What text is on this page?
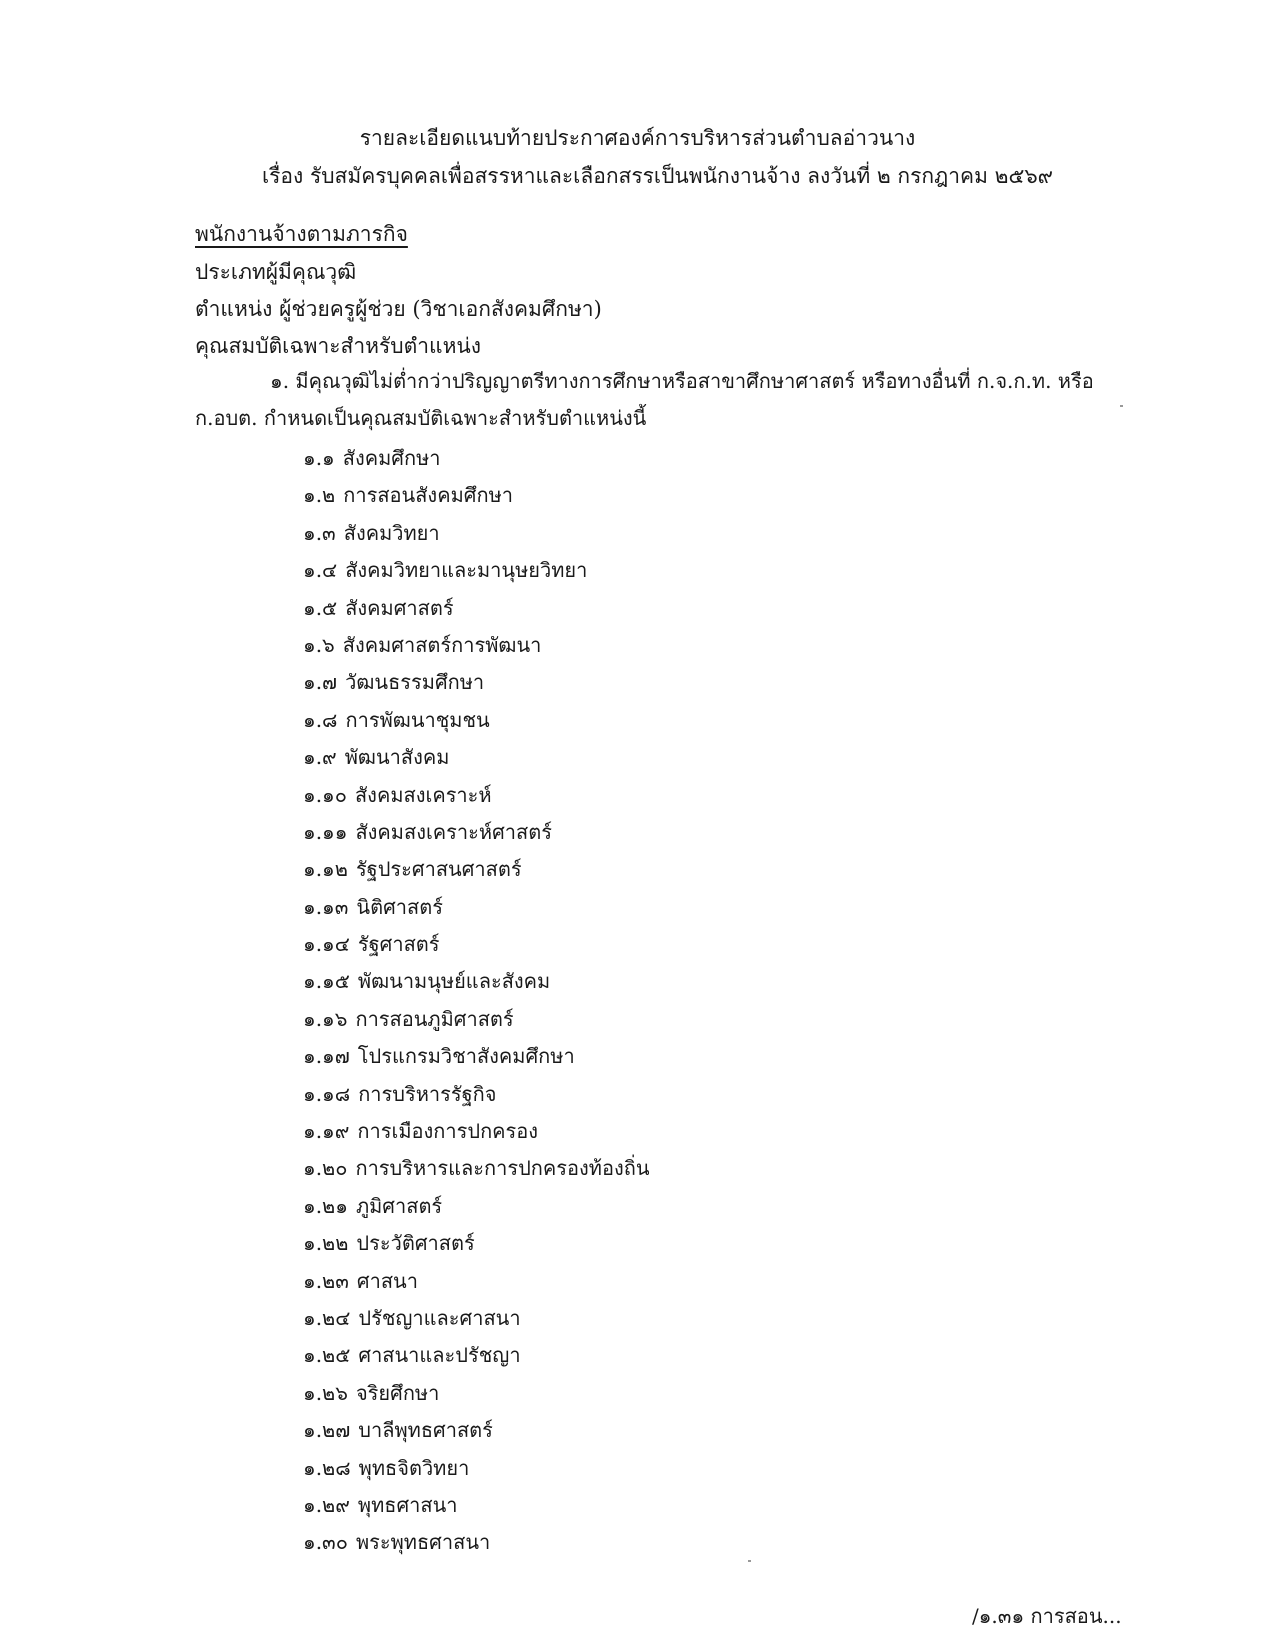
รายละเอียดแนบท้ายประกาศองค์การบริหารส่วนตำบลอ่าวนาง
เรื่อง รับสมัครบุคคลเพื่อสรรหาและเลือกสรรเป็นพนักงานจ้าง ลงวันที่ ๒ กรกฎาคม ๒๕๖๙
พนักงานจ้างตามภารกิจ
ประเภทผู้มีคุณวุฒิ
ตำแหน่ง ผู้ช่วยครูผู้ช่วย (วิชาเอกสังคมศึกษา)
คุณสมบัติเฉพาะสำหรับตำแหน่ง
๑. มีคุณวุฒิไม่ต่ำกว่าปริญญาตรีทางการศึกษาหรือสาขาศึกษาศาสตร์ หรือทางอื่นที่ ก.จ.ก.ท. หรือ
ก.อบต. กำหนดเป็นคุณสมบัติเฉพาะสำหรับตำแหน่งนี้
๑.๑ สังคมศึกษา
๑.๒ การสอนสังคมศึกษา
๑.๓ สังคมวิทยา
๑.๔ สังคมวิทยาและมานุษยวิทยา
๑.๕ สังคมศาสตร์
๑.๖ สังคมศาสตร์การพัฒนา
๑.๗ วัฒนธรรมศึกษา
๑.๘ การพัฒนาชุมชน
๑.๙ พัฒนาสังคม
๑.๑๐ สังคมสงเคราะห์
๑.๑๑ สังคมสงเคราะห์ศาสตร์
๑.๑๒ รัฐประศาสนศาสตร์
๑.๑๓ นิติศาสตร์
๑.๑๔ รัฐศาสตร์
๑.๑๕ พัฒนามนุษย์และสังคม
๑.๑๖ การสอนภูมิศาสตร์
๑.๑๗ โปรแกรมวิชาสังคมศึกษา
๑.๑๘ การบริหารรัฐกิจ
๑.๑๙ การเมืองการปกครอง
๑.๒๐ การบริหารและการปกครองท้องถิ่น
๑.๒๑ ภูมิศาสตร์
๑.๒๒ ประวัติศาสตร์
๑.๒๓ ศาสนา
๑.๒๔ ปรัชญาและศาสนา
๑.๒๕ ศาสนาและปรัชญา
๑.๒๖ จริยศึกษา
๑.๒๗ บาลีพุทธศาสตร์
๑.๒๘ พุทธจิตวิทยา
๑.๒๙ พุทธศาสนา
๑.๓๐ พระพุทธศาสนา
/๑.๓๑ การสอน...
